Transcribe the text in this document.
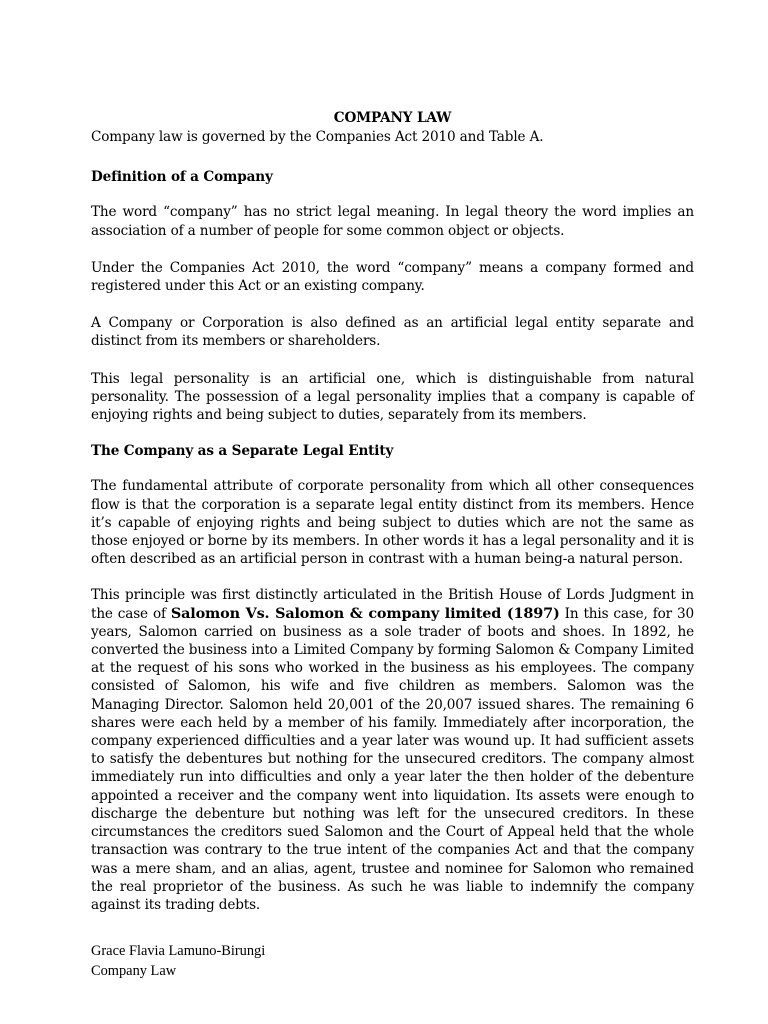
COMPANY LAW

Company law is governed by the Companies Act 2010 and Table A.

Definition of a Company

The word “company” has no strict legal meaning. In legal theory the word implies an association of a number of people for some common object or objects.

Under the Companies Act 2010, the word “company” means a company formed and registered under this Act or an existing company.

A Company or Corporation is also defined as an artificial legal entity separate and distinct from its members or shareholders.

This legal personality is an artificial one, which is distinguishable from natural personality. The possession of a legal personality implies that a company is capable of enjoying rights and being subject to duties, separately from its members.

The Company as a Separate Legal Entity

The fundamental attribute of corporate personality from which all other consequences flow is that the corporation is a separate legal entity distinct from its members. Hence it’s capable of enjoying rights and being subject to duties which are not the same as those enjoyed or borne by its members. In other words it has a legal personality and it is often described as an artificial person in contrast with a human being-a natural person.

This principle was first distinctly articulated in the British House of Lords Judgment in the case of Salomon Vs. Salomon & company limited (1897) In this case, for 30 years, Salomon carried on business as a sole trader of boots and shoes. In 1892, he converted the business into a Limited Company by forming Salomon & Company Limited at the request of his sons who worked in the business as his employees. The company consisted of Salomon, his wife and five children as members. Salomon was the Managing Director. Salomon held 20,001 of the 20,007 issued shares. The remaining 6 shares were each held by a member of his family. Immediately after incorporation, the company experienced difficulties and a year later was wound up. It had sufficient assets to satisfy the debentures but nothing for the unsecured creditors. The company almost immediately run into difficulties and only a year later the then holder of the debenture appointed a receiver and the company went into liquidation. Its assets were enough to discharge the debenture but nothing was left for the unsecured creditors. In these circumstances the creditors sued Salomon and the Court of Appeal held that the whole transaction was contrary to the true intent of the companies Act and that the company was a mere sham, and an alias, agent, trustee and nominee for Salomon who remained the real proprietor of the business. As such he was liable to indemnify the company against its trading debts.

Grace Flavia Lamuno-Birungi
Company Law
